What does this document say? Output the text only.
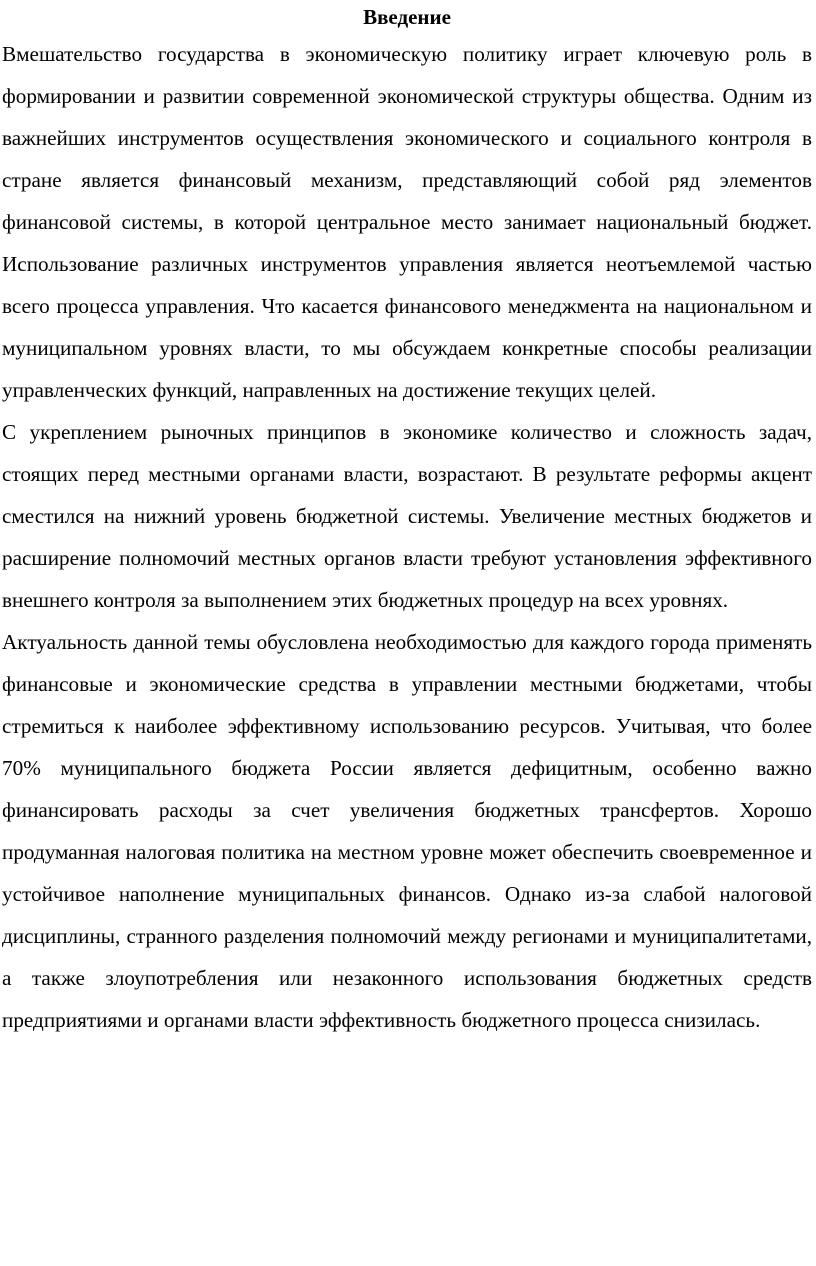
Введение

Вмешательство государства в экономическую политику играет ключевую роль в формировании и развитии современной экономической структуры общества. Одним из важнейших инструментов осуществления экономического и социального контроля в стране является финансовый механизм, представляющий собой ряд элементов финансовой системы, в которой центральное место занимает национальный бюджет. Использование различных инструментов управления является неотъемлемой частью всего процесса управления. Что касается финансового менеджмента на национальном и муниципальном уровнях власти, то мы обсуждаем конкретные способы реализации управленческих функций, направленных на достижение текущих целей.

С укреплением рыночных принципов в экономике количество и сложность задач, стоящих перед местными органами власти, возрастают. В результате реформы акцент сместился на нижний уровень бюджетной системы. Увеличение местных бюджетов и расширение полномочий местных органов власти требуют установления эффективного внешнего контроля за выполнением этих бюджетных процедур на всех уровнях.

Актуальность данной темы обусловлена необходимостью для каждого города применять финансовые и экономические средства в управлении местными бюджетами, чтобы стремиться к наиболее эффективному использованию ресурсов. Учитывая, что более 70% муниципального бюджета России является дефицитным, особенно важно финансировать расходы за счет увеличения бюджетных трансфертов. Хорошо продуманная налоговая политика на местном уровне может обеспечить своевременное и устойчивое наполнение муниципальных финансов. Однако из-за слабой налоговой дисциплины, странного разделения полномочий между регионами и муниципалитетами, а также злоупотребления или незаконного использования бюджетных средств предприятиями и органами власти эффективность бюджетного процесса снизилась.
